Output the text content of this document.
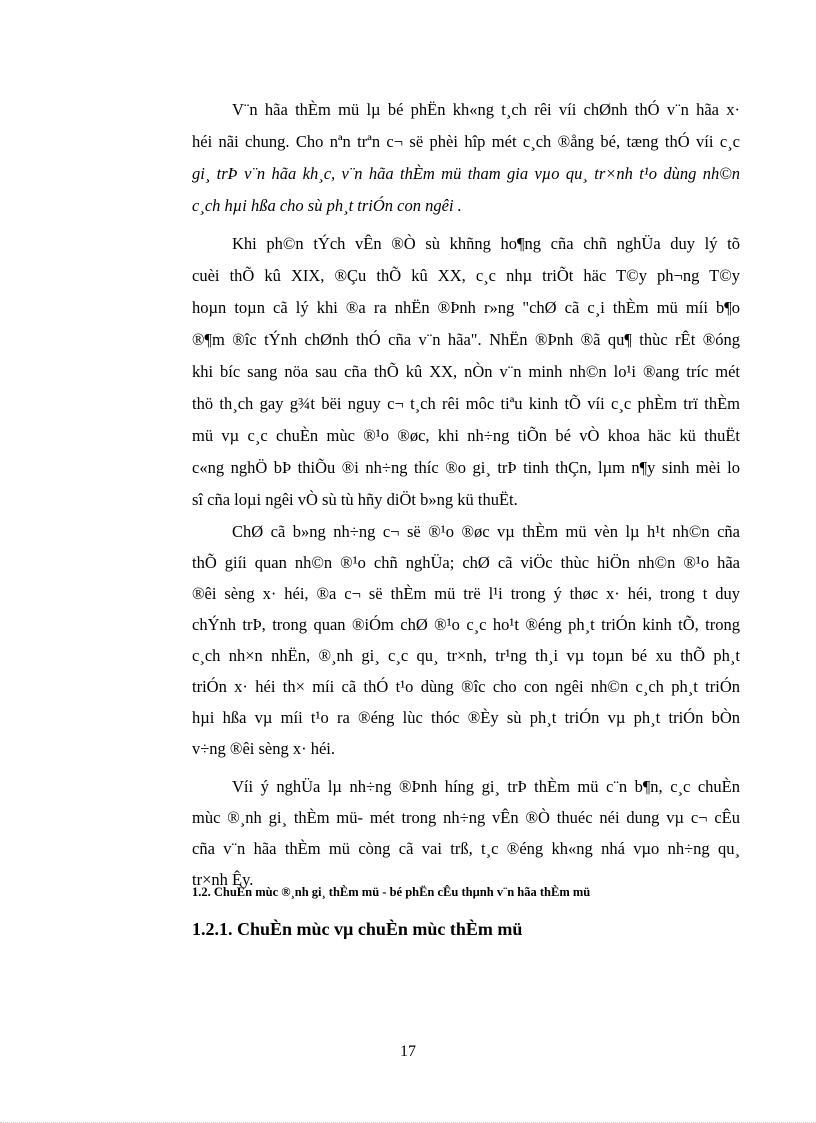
V¨n hãa thÈm mü lµ bé phËn kh«ng t¸ch rêi víi chØnh thÓ v¨n hãa x·
héi nãi chung. Cho nªn trªn c¬ së phèi hîp mét c¸ch ®ång bé, tæng thÓ víi c¸c
gi¸ trÞ v¨n hãa kh¸c, v¨n hãa thÈm mü tham gia vµo qu¸ tr×nh t¹o dùng nh©n
c¸ch hµi hßa cho sù ph¸t triÓn con ngêi .
Khi ph©n tÝch vÊn ®Ò sù khñng ho¶ng cña chñ nghÜa duy lý tõ
cuèi thÕ kû XIX, ®Çu thÕ kû XX, c¸c nhµ triÕt häc T©y ph¬ng T©y
hoµn toµn cã lý khi ®a ra nhËn ®Þnh r»ng "chØ cã c¸i thÈm mü míi b¶o
®¶m ®îc tÝnh chØnh thÓ cña v¨n hãa". NhËn ®Þnh ®ã qu¶ thùc rÊt ®óng
khi bíc sang nöa sau cña thÕ kû XX, nÒn v¨n minh nh©n lo¹i ®ang tríc mét
thö th¸ch gay g¾t bëi nguy c¬ t¸ch rêi môc tiªu kinh tÕ víi c¸c phÈm trï thÈm
mü vµ c¸c chuÈn mùc ®¹o ®øc, khi nh÷ng tiÕn bé vÒ khoa häc kü thuËt
c«ng nghÖ bÞ thiÕu ®i nh÷ng thíc ®o gi¸ trÞ tinh thÇn, lµm n¶y sinh mèi lo
sî cña loµi ngêi vÒ sù tù hñy diÖt b»ng kü thuËt.
ChØ cã b»ng nh÷ng c¬ së ®¹o ®øc vµ thÈm mü vèn lµ h¹t nh©n cña
thÕ giíi quan nh©n ®¹o chñ nghÜa; chØ cã viÖc thùc hiÖn nh©n ®¹o hãa
®êi sèng x· héi, ®a c¬ së thÈm mü trë l¹i trong ý thøc x· héi, trong t duy
chÝnh trÞ, trong quan ®iÓm chØ ®¹o c¸c ho¹t ®éng ph¸t triÓn kinh tÕ, trong
c¸ch nh×n nhËn, ®¸nh gi¸ c¸c qu¸ tr×nh, tr¹ng th¸i vµ toµn bé xu thÕ ph¸t
triÓn x· héi th× míi cã thÓ t¹o dùng ®îc cho con ngêi nh©n c¸ch ph¸t triÓn
hµi hßa vµ míi t¹o ra ®éng lùc thóc ®Èy sù ph¸t triÓn vµ ph¸t triÓn bÒn
v÷ng ®êi sèng x· héi.
Víi ý nghÜa lµ nh÷ng ®Þnh híng gi¸ trÞ thÈm mü c¨n b¶n, c¸c chuÈn
mùc ®¸nh gi¸ thÈm mü- mét trong nh÷ng vÊn ®Ò thuéc néi dung vµ c¬ cÊu
cña v¨n hãa thÈm mü còng cã vai trß, t¸c ®éng kh«ng nhá vµo nh÷ng qu¸
tr×nh Êy.
1.2. ChuÈn mùc ®¸nh gi¸ thÈm mü - bé phËn cÊu thµnh v¨n hãa thÈm mü
1.2.1. ChuÈn mùc vµ chuÈn mùc thÈm mü
17
